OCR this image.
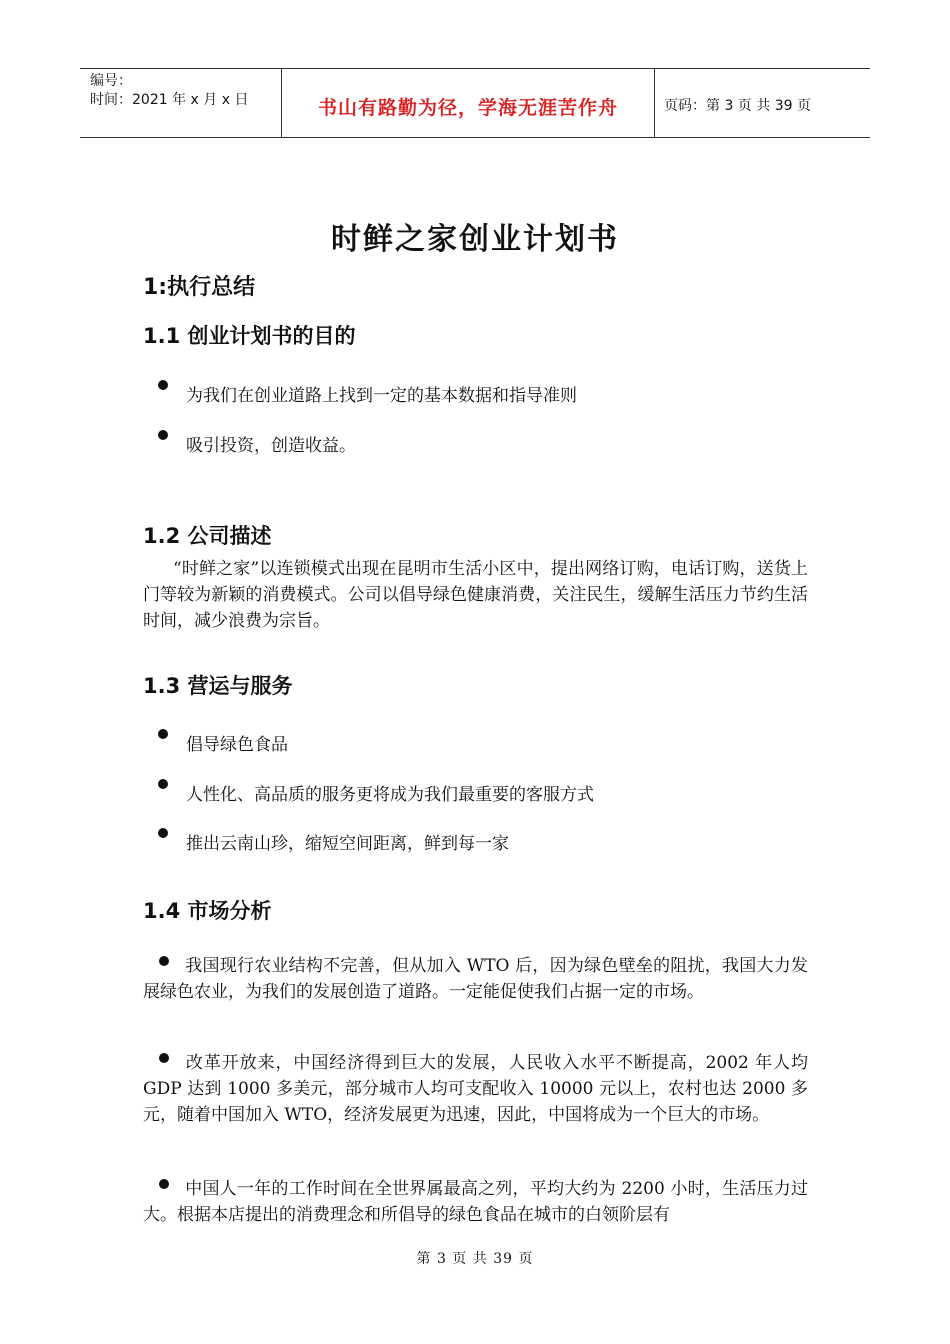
编号：
时间：2021 年 x 月 x 日	书山有路勤为径，学海无涯苦作舟	页码：第 3 页 共 39 页
时鲜之家创业计划书
1:执行总结
1.1 创业计划书的目的
为我们在创业道路上找到一定的基本数据和指导准则
吸引投资，创造收益。
1.2 公司描述
“时鲜之家”以连锁模式出现在昆明市生活小区中，提出网络订购，电话订购，送货上门等较为新颖的消费模式。公司以倡导绿色健康消费，关注民生，缓解生活压力节约生活时间，减少浪费为宗旨。
1.3 营运与服务
倡导绿色食品
人性化、高品质的服务更将成为我们最重要的客服方式
推出云南山珍，缩短空间距离，鲜到每一家
1.4 市场分析
我国现行农业结构不完善，但从加入 WTO 后，因为绿色壁垒的阻扰，我国大力发展绿色农业，为我们的发展创造了道路。一定能促使我们占据一定的市场。
改革开放来，中国经济得到巨大的发展，人民收入水平不断提高，2002 年人均 GDP 达到 1000 多美元，部分城市人均可支配收入 10000 元以上，农村也达 2000 多元，随着中国加入 WTO，经济发展更为迅速，因此，中国将成为一个巨大的市场。
中国人一年的工作时间在全世界属最高之列，平均大约为 2200 小时，生活压力过大。根据本店提出的消费理念和所倡导的绿色食品在城市的白领阶层有
第 3 页 共 39 页
